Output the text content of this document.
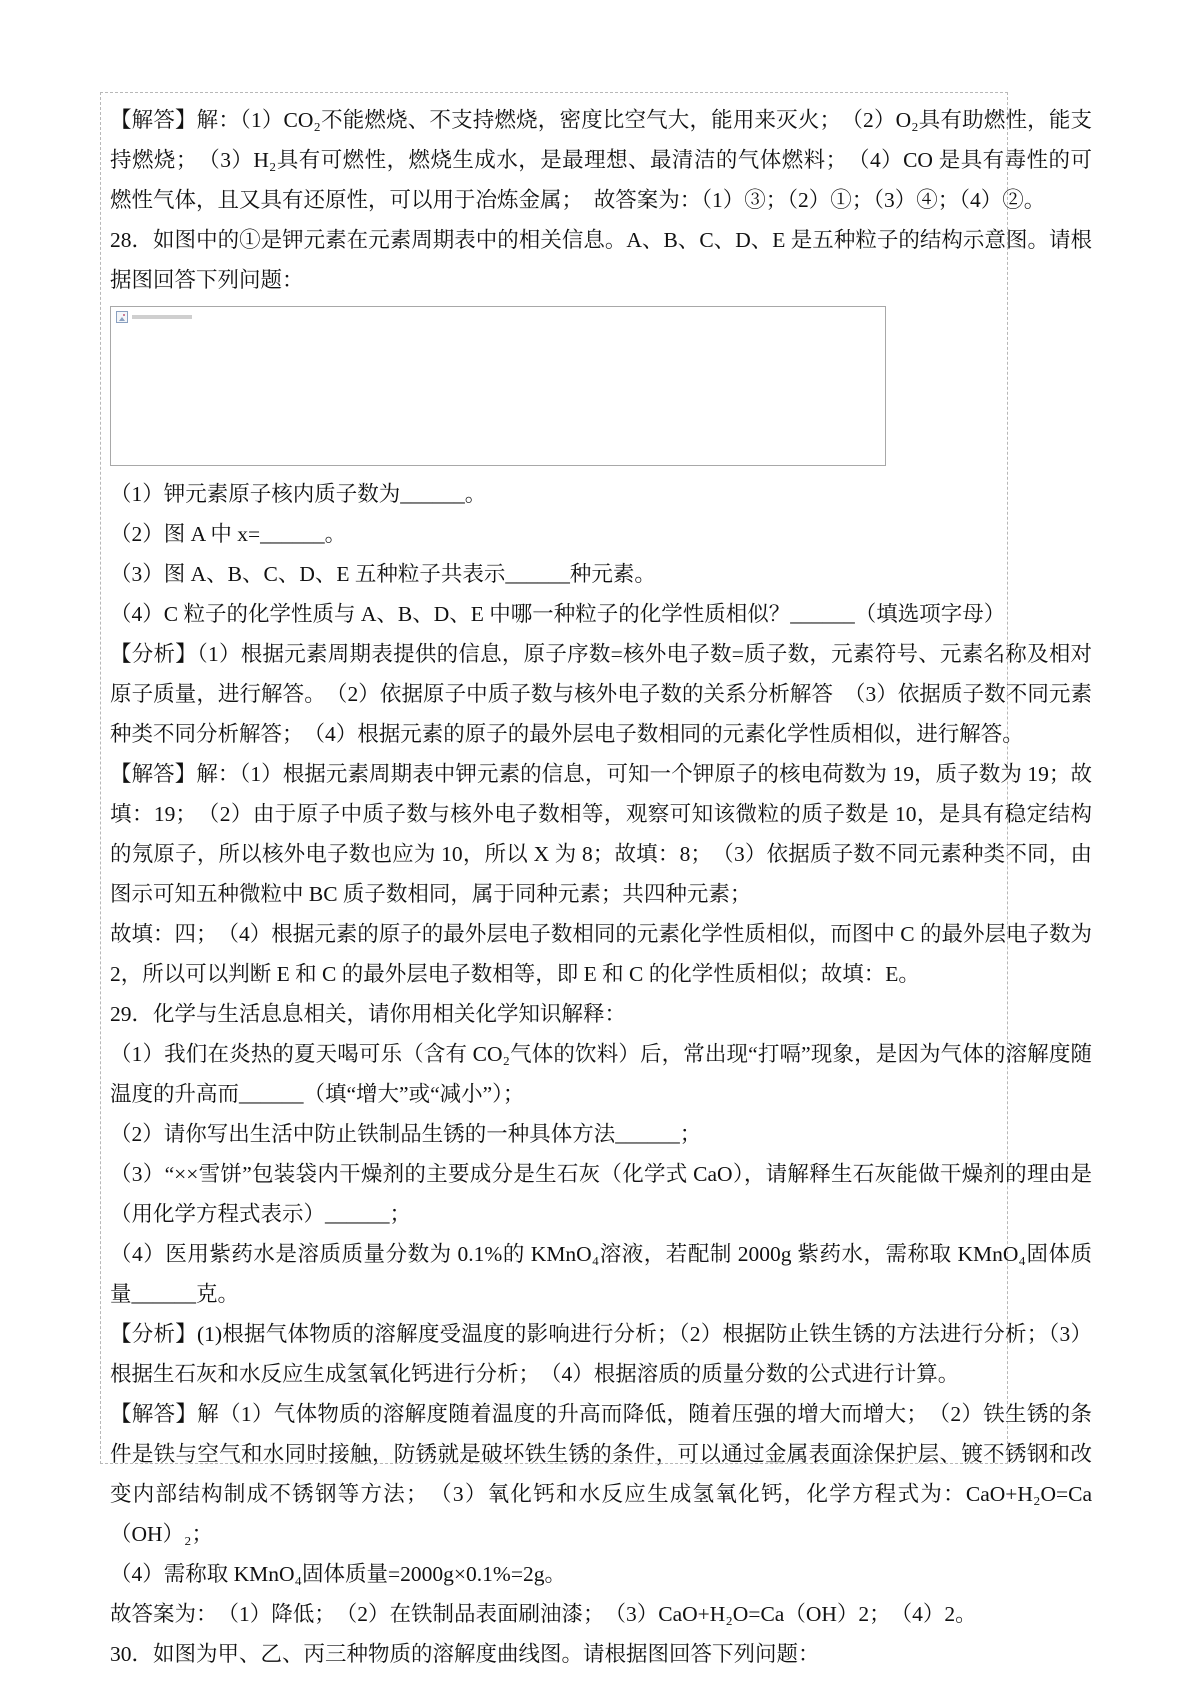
【解答】解：（1）CO₂不能燃烧、不支持燃烧，密度比空气大，能用来灭火；　（2）O₂具有助燃性，能支持燃烧；　（3）H₂具有可燃性，燃烧生成水，是最理想、最清洁的气体燃料；　（4）CO 是具有毒性的可燃性气体，且又具有还原性，可以用于冶炼金属；　故答案为：（1）③；（2）①；（3）④；（4）②。

28．如图中的①是钾元素在元素周期表中的相关信息。A、B、C、D、E 是五种粒子的结构示意图。请根据图回答下列问题：

（1）钾元素原子核内质子数为______。

（2）图 A 中 x=______。

（3）图 A、B、C、D、E 五种粒子共表示______种元素。

（4）C 粒子的化学性质与 A、B、D、E 中哪一种粒子的化学性质相似？______（填选项字母）

【分析】（1）根据元素周期表提供的信息，原子序数=核外电子数=质子数，元素符号、元素名称及相对原子质量，进行解答。　（2）依据原子中质子数与核外电子数的关系分析解答　（3）依据质子数不同元素种类不同分析解答；　（4）根据元素的原子的最外层电子数相同的元素化学性质相似，进行解答。

【解答】解：（1）根据元素周期表中钾元素的信息，可知一个钾原子的核电荷数为 19，质子数为 19；故填：19；　（2）由于原子中质子数与核外电子数相等，观察可知该微粒的质子数是 10，是具有稳定结构的氖原子，所以核外电子数也应为 10，所以 X 为 8；故填：8；　（3）依据质子数不同元素种类不同，由图示可知五种微粒中 BC 质子数相同，属于同种元素；共四种元素；

故填：四；　（4）根据元素的原子的最外层电子数相同的元素化学性质相似，而图中 C 的最外层电子数为 2，所以可以判断 E 和 C 的最外层电子数相等，即 E 和 C 的化学性质相似；故填：E。

29．化学与生活息息相关，请你用相关化学知识解释：

（1）我们在炎热的夏天喝可乐（含有 CO₂气体的饮料）后，常出现“打嗝”现象，是因为气体的溶解度随温度的升高而______（填“增大”或“减小”）；

（2）请你写出生活中防止铁制品生锈的一种具体方法______；

（3）“××雪饼”包装袋内干燥剂的主要成分是生石灰（化学式 CaO），请解释生石灰能做干燥剂的理由是（用化学方程式表示）______；

（4）医用紫药水是溶质质量分数为 0.1%的 KMnO₄溶液，若配制 2000g 紫药水，需称取 KMnO₄固体质量______克。

【分析】(1)根据气体物质的溶解度受温度的影响进行分析；（2）根据防止铁生锈的方法进行分析；（3）根据生石灰和水反应生成氢氧化钙进行分析；　（4）根据溶质的质量分数的公式进行计算。

【解答】解（1）气体物质的溶解度随着温度的升高而降低，随着压强的增大而增大；　（2）铁生锈的条件是铁与空气和水同时接触，防锈就是破坏铁生锈的条件，可以通过金属表面涂保护层、镀不锈钢和改变内部结构制成不锈钢等方法；　（3）氧化钙和水反应生成氢氧化钙，化学方程式为：CaO+H₂O=Ca（OH）₂；

（4）需称取 KMnO₄固体质量=2000g×0.1%=2g。

故答案为：　（1）降低；　（2）在铁制品表面刷油漆；　（3）CaO+H₂O=Ca（OH）2；　（4）2。

30．如图为甲、乙、丙三种物质的溶解度曲线图。请根据图回答下列问题：
